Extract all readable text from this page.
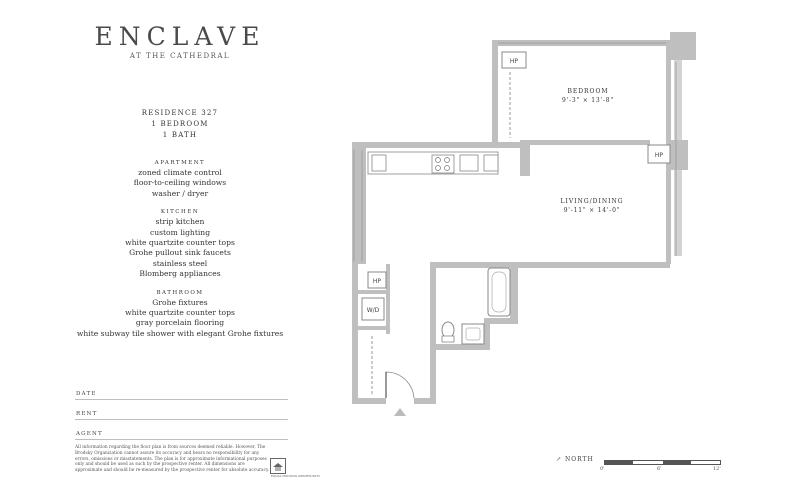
ENCLAVE
AT THE CATHEDRAL
RESIDENCE 327
1 BEDROOM
1 BATH
APARTMENT
zoned climate control
floor-to-ceiling windows
washer / dryer
KITCHEN
strip kitchen
custom lighting
white quartzite counter tops
Grohe pullout sink faucets
stainless steel
Blomberg appliances
BATHROOM
Grohe fixtures
white quartzite counter tops
gray porcelain flooring
white subway tile shower with elegant Grohe fixtures
DATE
RENT
AGENT
All information regarding the floor plan is from sources deemed reliable. However, The Brodsky Organization cannot assure its accuracy and bears no responsibility for any errors, omissions or misstatements. The plan is for approximate informational purposes only and should be used as such by the prospective renter. All dimensions are approximate and should be re-measured by the prospective renter for absolute accuracy.
EQUAL HOUSING OPPORTUNITY
HP
HP
HP
W/D
BEDROOM
9'-3" × 13'-8"
LIVING/DINING
9'-11" × 14'-0"
↗ NORTH
0'	6'	12'
